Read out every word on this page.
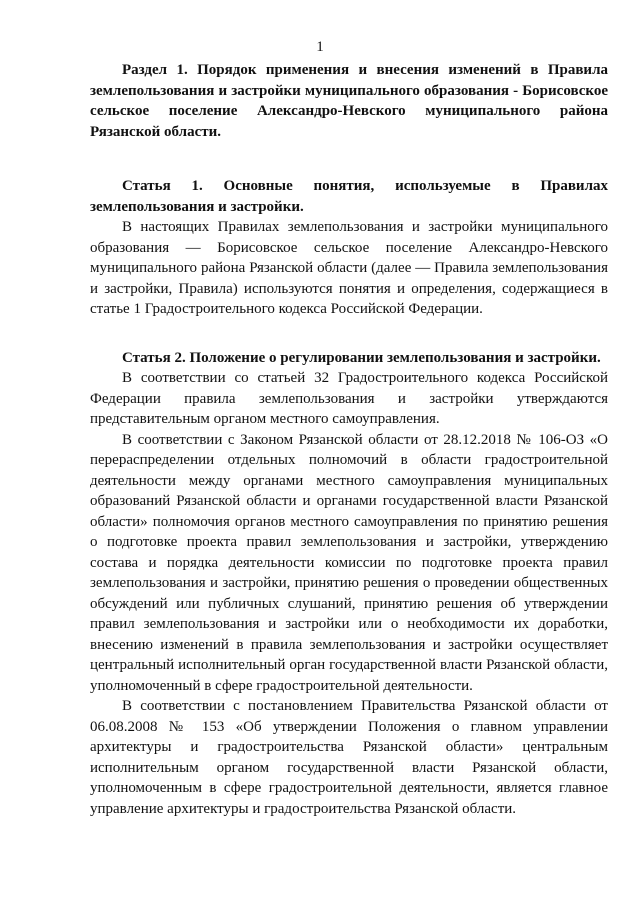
1

Раздел 1. Порядок применения и внесения изменений в Правила землепользования и застройки муниципального образования - Борисовское сельское поселение Александро-Невского муниципального района Рязанской области.

Статья 1. Основные понятия, используемые в Правилах землепользования и застройки.

В настоящих Правилах землепользования и застройки муниципального образования — Борисовское сельское поселение Александро-Невского муниципального района Рязанской области (далее — Правила землепользования и застройки, Правила) используются понятия и определения, содержащиеся в статье 1 Градостроительного кодекса Российской Федерации.

Статья 2. Положение о регулировании землепользования и застройки.

В соответствии со статьей 32 Градостроительного кодекса Российской Федерации правила землепользования и застройки утверждаются представительным органом местного самоуправления.

В соответствии с Законом Рязанской области от 28.12.2018 № 106-ОЗ «О перераспределении отдельных полномочий в области градостроительной деятельности между органами местного самоуправления муниципальных образований Рязанской области и органами государственной власти Рязанской области» полномочия органов местного самоуправления по принятию решения о подготовке проекта правил землепользования и застройки, утверждению состава и порядка деятельности комиссии по подготовке проекта правил землепользования и застройки, принятию решения о проведении общественных обсуждений или публичных слушаний, принятию решения об утверждении правил землепользования и застройки или о необходимости их доработки, внесению изменений в правила землепользования и застройки осуществляет центральный исполнительный орган государственной власти Рязанской области, уполномоченный в сфере градостроительной деятельности.

В соответствии с постановлением Правительства Рязанской области от 06.08.2008 № 153 «Об утверждении Положения о главном управлении архитектуры и градостроительства Рязанской области» центральным исполнительным органом государственной власти Рязанской области, уполномоченным в сфере градостроительной деятельности, является главное управление архитектуры и градостроительства Рязанской области.
